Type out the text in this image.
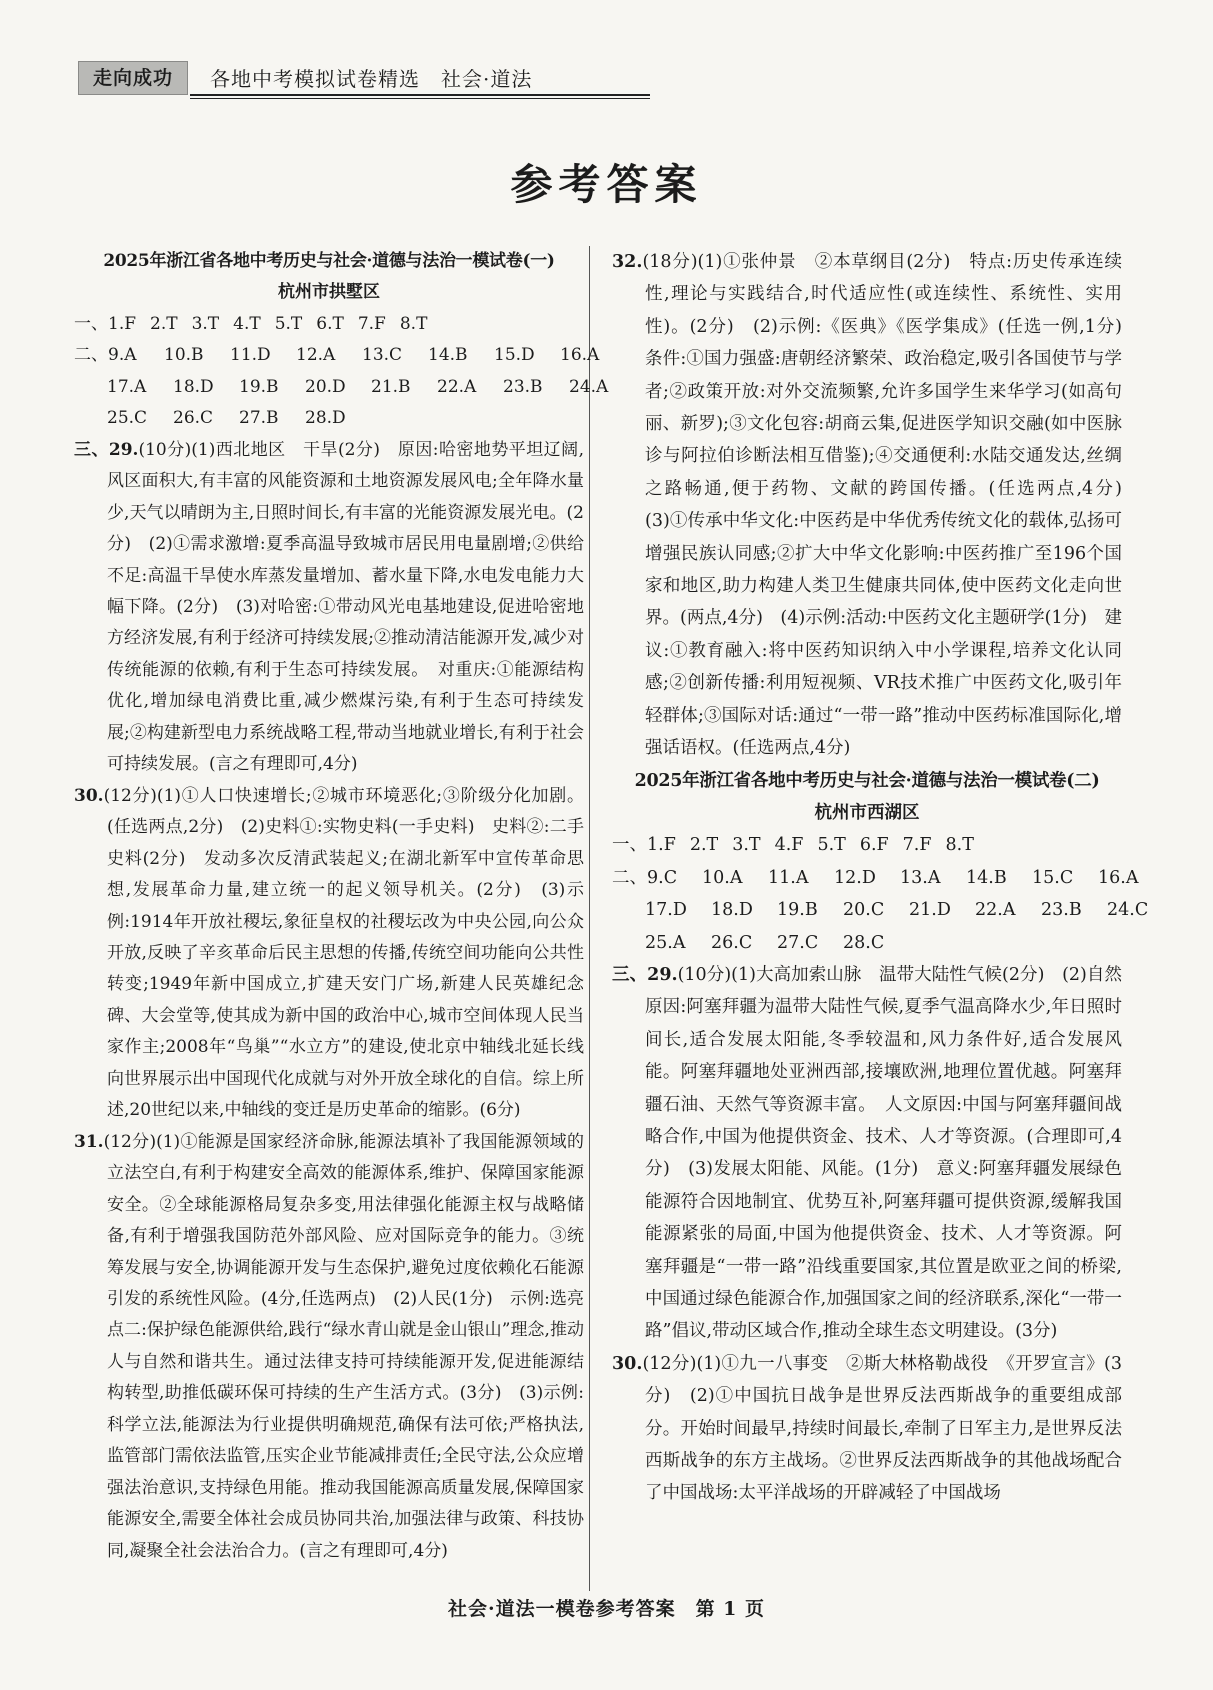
走向成功	各地中考模拟试卷精选　社会·道法
参考答案
2025年浙江省各地中考历史与社会·道德与法治一模试卷(一)
杭州市拱墅区
一、1.F 2.T 3.T 4.T 5.T 6.T 7.F 8.T
二、9.A 10.B 11.D 12.A 13.C 14.B 15.D 16.A
17.A 18.D 19.B 20.D 21.B 22.A 23.B 24.A
25.C 26.C 27.B 28.D

三、29.(10分)(1)西北地区　干旱(2分)　原因:哈密地势平坦辽阔,风区面积大,有丰富的风能资源和土地资源发展风电;全年降水量少,天气以晴朗为主,日照时间长,有丰富的光能资源发展光电。(2分)　(2)①需求激增:夏季高温导致城市居民用电量剧增;②供给不足:高温干旱使水库蒸发量增加、蓄水量下降,水电发电能力大幅下降。(2分)　(3)对哈密:①带动风光电基地建设,促进哈密地方经济发展,有利于经济可持续发展;②推动清洁能源开发,减少对传统能源的依赖,有利于生态可持续发展。　对重庆:①能源结构优化,增加绿电消费比重,减少燃煤污染,有利于生态可持续发展;②构建新型电力系统战略工程,带动当地就业增长,有利于社会可持续发展。(言之有理即可,4分)

30.(12分)(1)①人口快速增长;②城市环境恶化;③阶级分化加剧。(任选两点,2分)　(2)史料①:实物史料(一手史料)　史料②:二手史料(2分)　发动多次反清武装起义;在湖北新军中宣传革命思想,发展革命力量,建立统一的起义领导机关。(2分)　(3)示例:1914年开放社稷坛,象征皇权的社稷坛改为中央公园,向公众开放,反映了辛亥革命后民主思想的传播,传统空间功能向公共性转变;1949年新中国成立,扩建天安门广场,新建人民英雄纪念碑、大会堂等,使其成为新中国的政治中心,城市空间体现人民当家作主;2008年“鸟巢”“水立方”的建设,使北京中轴线北延长线向世界展示出中国现代化成就与对外开放全球化的自信。综上所述,20世纪以来,中轴线的变迁是历史革命的缩影。(6分)

31.(12分)(1)①能源是国家经济命脉,能源法填补了我国能源领域的立法空白,有利于构建安全高效的能源体系,维护、保障国家能源安全。②全球能源格局复杂多变,用法律强化能源主权与战略储备,有利于增强我国防范外部风险、应对国际竞争的能力。③统筹发展与安全,协调能源开发与生态保护,避免过度依赖化石能源引发的系统性风险。(4分,任选两点)　(2)人民(1分)　示例:选亮点二:保护绿色能源供给,践行“绿水青山就是金山银山”理念,推动人与自然和谐共生。通过法律支持可持续能源开发,促进能源结构转型,助推低碳环保可持续的生产生活方式。(3分)　(3)示例:科学立法,能源法为行业提供明确规范,确保有法可依;严格执法,监管部门需依法监管,压实企业节能减排责任;全民守法,公众应增强法治意识,支持绿色用能。推动我国能源高质量发展,保障国家能源安全,需要全体社会成员协同共治,加强法律与政策、科技协同,凝聚全社会法治合力。(言之有理即可,4分)

32.(18分)(1)①张仲景　②本草纲目(2分)　特点:历史传承连续性,理论与实践结合,时代适应性(或连续性、系统性、实用性)。(2分)　(2)示例:《医典》《医学集成》(任选一例,1分)　条件:①国力强盛:唐朝经济繁荣、政治稳定,吸引各国使节与学者;②政策开放:对外交流频繁,允许多国学生来华学习(如高句丽、新罗);③文化包容:胡商云集,促进医学知识交融(如中医脉诊与阿拉伯诊断法相互借鉴);④交通便利:水陆交通发达,丝绸之路畅通,便于药物、文献的跨国传播。(任选两点,4分)　(3)①传承中华文化:中医药是中华优秀传统文化的载体,弘扬可增强民族认同感;②扩大中华文化影响:中医药推广至196个国家和地区,助力构建人类卫生健康共同体,使中医药文化走向世界。(两点,4分)　(4)示例:活动:中医药文化主题研学(1分)　建议:①教育融入:将中医药知识纳入中小学课程,培养文化认同感;②创新传播:利用短视频、VR技术推广中医药文化,吸引年轻群体;③国际对话:通过“一带一路”推动中医药标准国际化,增强话语权。(任选两点,4分)

2025年浙江省各地中考历史与社会·道德与法治一模试卷(二)
杭州市西湖区
一、1.F 2.T 3.T 4.F 5.T 6.F 7.F 8.T
二、9.C 10.A 11.A 12.D 13.A 14.B 15.C 16.A
17.D 18.D 19.B 20.C 21.D 22.A 23.B 24.C
25.A 26.C 27.C 28.C

三、29.(10分)(1)大高加索山脉　温带大陆性气候(2分)　(2)自然原因:阿塞拜疆为温带大陆性气候,夏季气温高降水少,年日照时间长,适合发展太阳能,冬季较温和,风力条件好,适合发展风能。阿塞拜疆地处亚洲西部,接壤欧洲,地理位置优越。阿塞拜疆石油、天然气等资源丰富。　人文原因:中国与阿塞拜疆间战略合作,中国为他提供资金、技术、人才等资源。(合理即可,4分)　(3)发展太阳能、风能。(1分)　意义:阿塞拜疆发展绿色能源符合因地制宜、优势互补,阿塞拜疆可提供资源,缓解我国能源紧张的局面,中国为他提供资金、技术、人才等资源。阿塞拜疆是“一带一路”沿线重要国家,其位置是欧亚之间的桥梁,中国通过绿色能源合作,加强国家之间的经济联系,深化“一带一路”倡议,带动区域合作,推动全球生态文明建设。(3分)

30.(12分)(1)①九一八事变　②斯大林格勒战役　《开罗宣言》(3分)　(2)①中国抗日战争是世界反法西斯战争的重要组成部分。开始时间最早,持续时间最长,牵制了日军主力,是世界反法西斯战争的东方主战场。②世界反法西斯战争的其他战场配合了中国战场:太平洋战场的开辟减轻了中国战场

社会·道法一模卷参考答案　第 1 页
